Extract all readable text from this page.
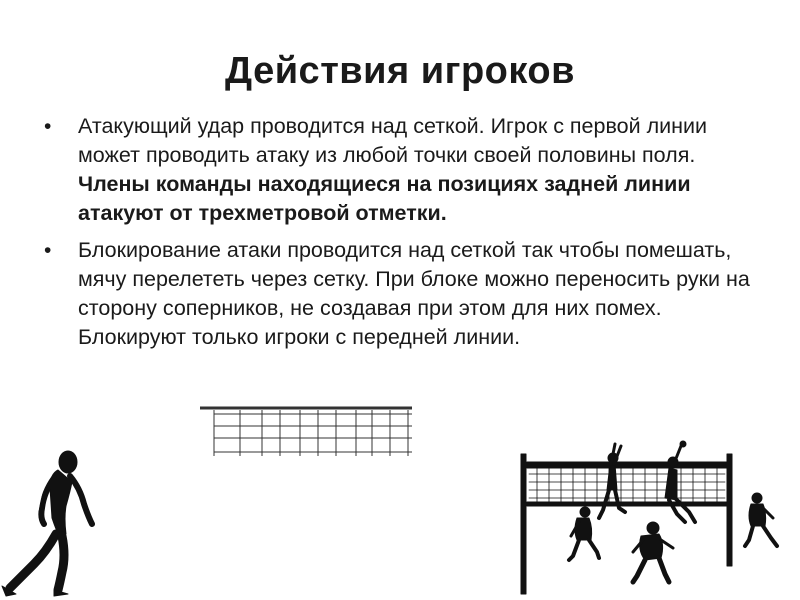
Действия игроков
• Атакующий удар проводится над сеткой. Игрок с первой линии может проводить атаку из любой точки своей половины поля. Члены команды находящиеся на позициях задней линии атакуют от трехметровой отметки.
• Блокирование атаки проводится над сеткой так чтобы помешать, мячу перелететь через сетку. При блоке можно переносить руки на сторону соперников, не создавая при этом для них помех. Блокируют только игроки с передней линии.
